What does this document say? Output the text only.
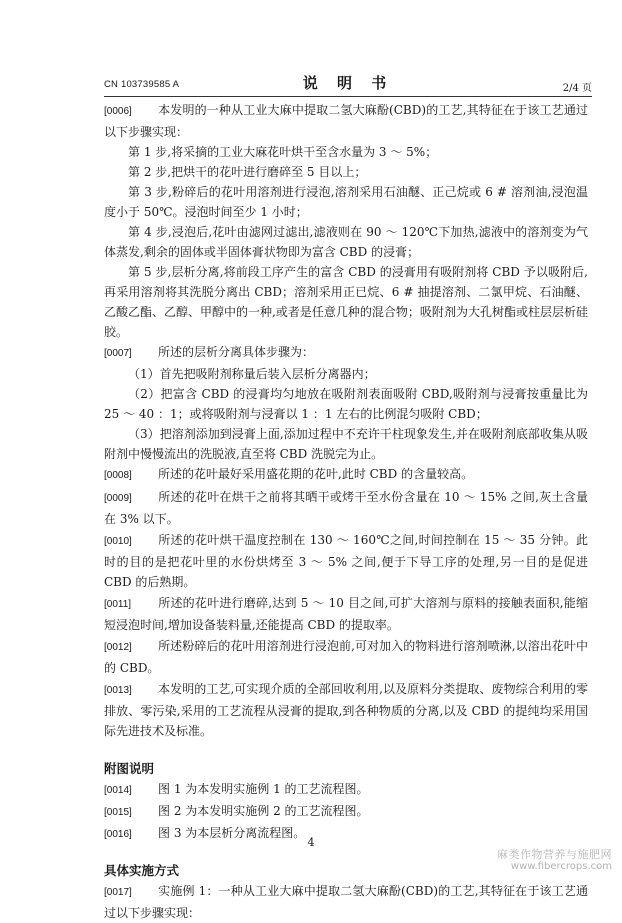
CN 103739585 A	说 明 书	2/4 页

[0006] 本发明的一种从工业大麻中提取二氢大麻酚(CBD)的工艺,其特征在于该工艺通过以下步骤实现：

第 1 步,将采摘的工业大麻花叶烘干至含水量为 3 ～ 5%；

第 2 步,把烘干的花叶进行磨碎至 5 目以上；

第 3 步,粉碎后的花叶用溶剂进行浸泡,溶剂采用石油醚、正己烷或 6 # 溶剂油,浸泡温度小于 50℃。浸泡时间至少 1 小时；

第 4 步,浸泡后,花叶由滤网过滤出,滤液则在 90 ～ 120℃下加热,滤液中的溶剂变为气体蒸发,剩余的固体或半固体膏状物即为富含 CBD 的浸膏；

第 5 步,层析分离,将前段工序产生的富含 CBD 的浸膏用有吸附剂将 CBD 予以吸附后,再采用溶剂将其洗脱分离出 CBD；溶剂采用正已烷、6 # 抽提溶剂、二氯甲烷、石油醚、乙酸乙酯、乙醇、甲醇中的一种,或者是任意几种的混合物；吸附剂为大孔树酯或柱层层析硅胶。

[0007] 所述的层析分离具体步骤为：

（1）首先把吸附剂称量后装入层析分离器内；

（2）把富含 CBD 的浸膏均匀地放在吸附剂表面吸附 CBD,吸附剂与浸膏按重量比为 25 ～ 40 ：1；或将吸附剂与浸膏以 1 ：1 左右的比例混匀吸附 CBD；

（3）把溶剂添加到浸膏上面,添加过程中不充许干柱现象发生,并在吸附剂底部收集从吸附剂中慢慢流出的洗脱液,直至将 CBD 洗脱完为止。

[0008] 所述的花叶最好采用盛花期的花叶,此时 CBD 的含量较高。

[0009] 所述的花叶在烘干之前将其晒干或烤干至水份含量在 10 ～ 15% 之间,灰土含量在 3% 以下。

[0010] 所述的花叶烘干温度控制在 130 ～ 160℃之间,时间控制在 15 ～ 35 分钟。此时的目的是把花叶里的水份烘烤至 3 ～ 5% 之间,便于下导工序的处理,另一目的是促进 CBD 的后熟期。

[0011] 所述的花叶进行磨碎,达到 5 ～ 10 目之间,可扩大溶剂与原料的接触表面积,能缩短浸泡时间,增加设备装料量,还能提高 CBD 的提取率。

[0012] 所述粉碎后的花叶用溶剂进行浸泡前,可对加入的物料进行溶剂喷淋,以溶出花叶中的 CBD。

[0013] 本发明的工艺,可实现介质的全部回收利用,以及原料分类提取、废物综合利用的零排放、零污染,采用的工艺流程从浸膏的提取,到各种物质的分离,以及 CBD 的提纯均采用国际先进技术及标准。

附图说明

[0014] 图 1 为本发明实施例 1 的工艺流程图。

[0015] 图 2 为本发明实施例 2 的工艺流程图。

[0016] 图 3 为本层析分离流程图。

具体实施方式

[0017] 实施例 1：一种从工业大麻中提取二氢大麻酚(CBD)的工艺,其特征在于该工艺通过以下步骤实现：

4
麻类作物营养与施肥网
www.fibercrops.com
